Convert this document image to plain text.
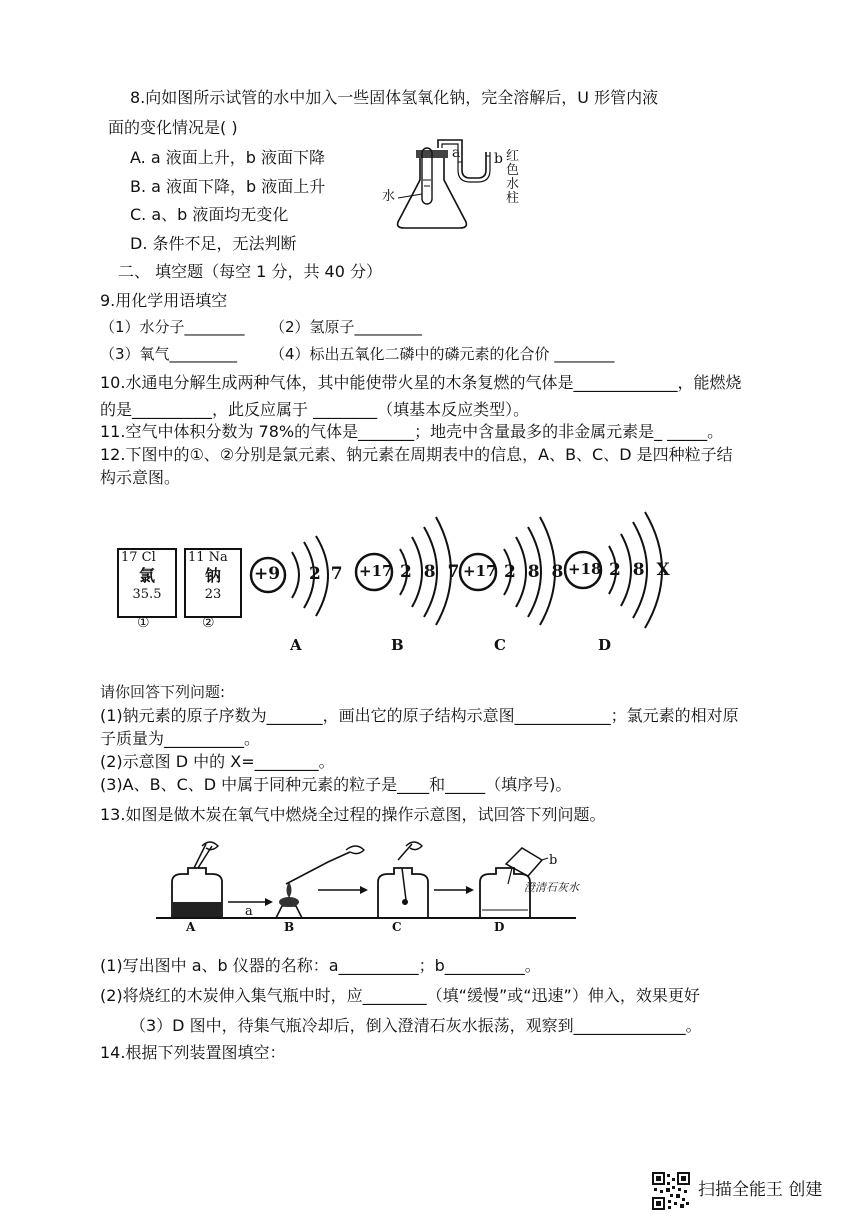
8.向如图所示试管的水中加入一些固体氢氧化钠，完全溶解后，U 形管内液
面的变化情况是( )
A. a 液面上升，b 液面下降
B. a 液面下降，b 液面上升
C. a、b 液面均无变化
D. 条件不足，无法判断
a b
水
红
色
水
柱
二、 填空题（每空 1 分，共 40 分）
9.用化学用语填空
（1）水分子________ （2）氢原子_________
（3）氧气_________ （4）标出五氧化二磷中的磷元素的化合价 ________
10.水通电分解生成两种气体，其中能使带火星的木条复燃的气体是_____________，能燃烧
的是__________，此反应属于 ________（填基本反应类型）。
11.空气中体积分数为 78%的气体是_______；地壳中含量最多的非金属元素是_ _____。
12.下图中的①、②分别是氯元素、钠元素在周期表中的信息，A、B、C、D 是四种粒子结
构示意图。
17 Cl
氯
35.5
①
11 Na
钠
23
②
+9 2 7
A
+17 2 8 7
B
+17 2 8 8
C
+18 2 8 X
D
请你回答下列问题:
(1)钠元素的原子序数为_______，画出它的原子结构示意图____________；氯元素的相对原
子质量为__________。
(2)示意图 D 中的 X=________。
(3)A、B、C、D 中属于同种元素的粒子是____和_____（填序号)。
13.如图是做木炭在氧气中燃烧全过程的操作示意图，试回答下列问题。
a
b
澄清石灰水
A	B	C	D
(1)写出图中 a、b 仪器的名称：a__________；b__________。
(2)将烧红的木炭伸入集气瓶中时，应________（填“缓慢”或“迅速”）伸入，效果更好
（3）D 图中，待集气瓶冷却后，倒入澄清石灰水振荡，观察到______________。
14.根据下列装置图填空：
扫描全能王 创建
